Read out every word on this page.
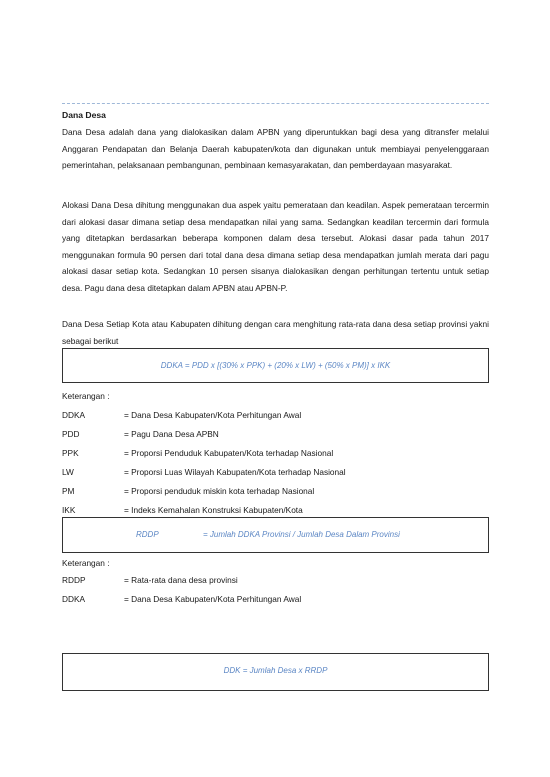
Dana Desa

Dana Desa adalah dana yang dialokasikan dalam APBN yang diperuntukkan bagi desa yang ditransfer melalui Anggaran Pendapatan dan Belanja Daerah kabupaten/kota dan digunakan untuk membiayai penyelenggaraan pemerintahan, pelaksanaan pembangunan, pembinaan kemasyarakatan, dan pemberdayaan masyarakat.

Alokasi Dana Desa dihitung menggunakan dua aspek yaitu pemerataan dan keadilan. Aspek pemerataan tercermin dari alokasi dasar dimana setiap desa mendapatkan nilai yang sama. Sedangkan keadilan tercermin dari formula yang ditetapkan berdasarkan beberapa komponen dalam desa tersebut. Alokasi dasar pada tahun 2017 menggunakan formula 90 persen dari total dana desa dimana setiap desa mendapatkan jumlah merata dari pagu alokasi dasar setiap kota. Sedangkan 10 persen sisanya dialokasikan dengan perhitungan tertentu untuk setiap desa. Pagu dana desa ditetapkan dalam APBN atau APBN-P.

Dana Desa Setiap Kota atau Kabupaten dihitung dengan cara menghitung rata-rata dana desa setiap provinsi yakni sebagai berikut

DDKA = PDD x [(30% x PPK) + (20% x LW) + (50% x PM)] x IKK
Keterangan :
DDKA	= Dana Desa Kabupaten/Kota Perhitungan Awal
PDD	= Pagu Dana Desa APBN
PPK	= Proporsi Penduduk Kabupaten/Kota terhadap Nasional
LW	= Proporsi Luas Wilayah Kabupaten/Kota terhadap Nasional
PM	= Proporsi penduduk miskin kota terhadap Nasional
IKK	= Indeks Kemahalan Konstruksi Kabupaten/Kota
RDDP	= Jumlah DDKA Provinsi / Jumlah Desa Dalam Provinsi
Keterangan :
RDDP	= Rata-rata dana desa provinsi
DDKA	= Dana Desa Kabupaten/Kota Perhitungan Awal
DDK = Jumlah Desa x RRDP
